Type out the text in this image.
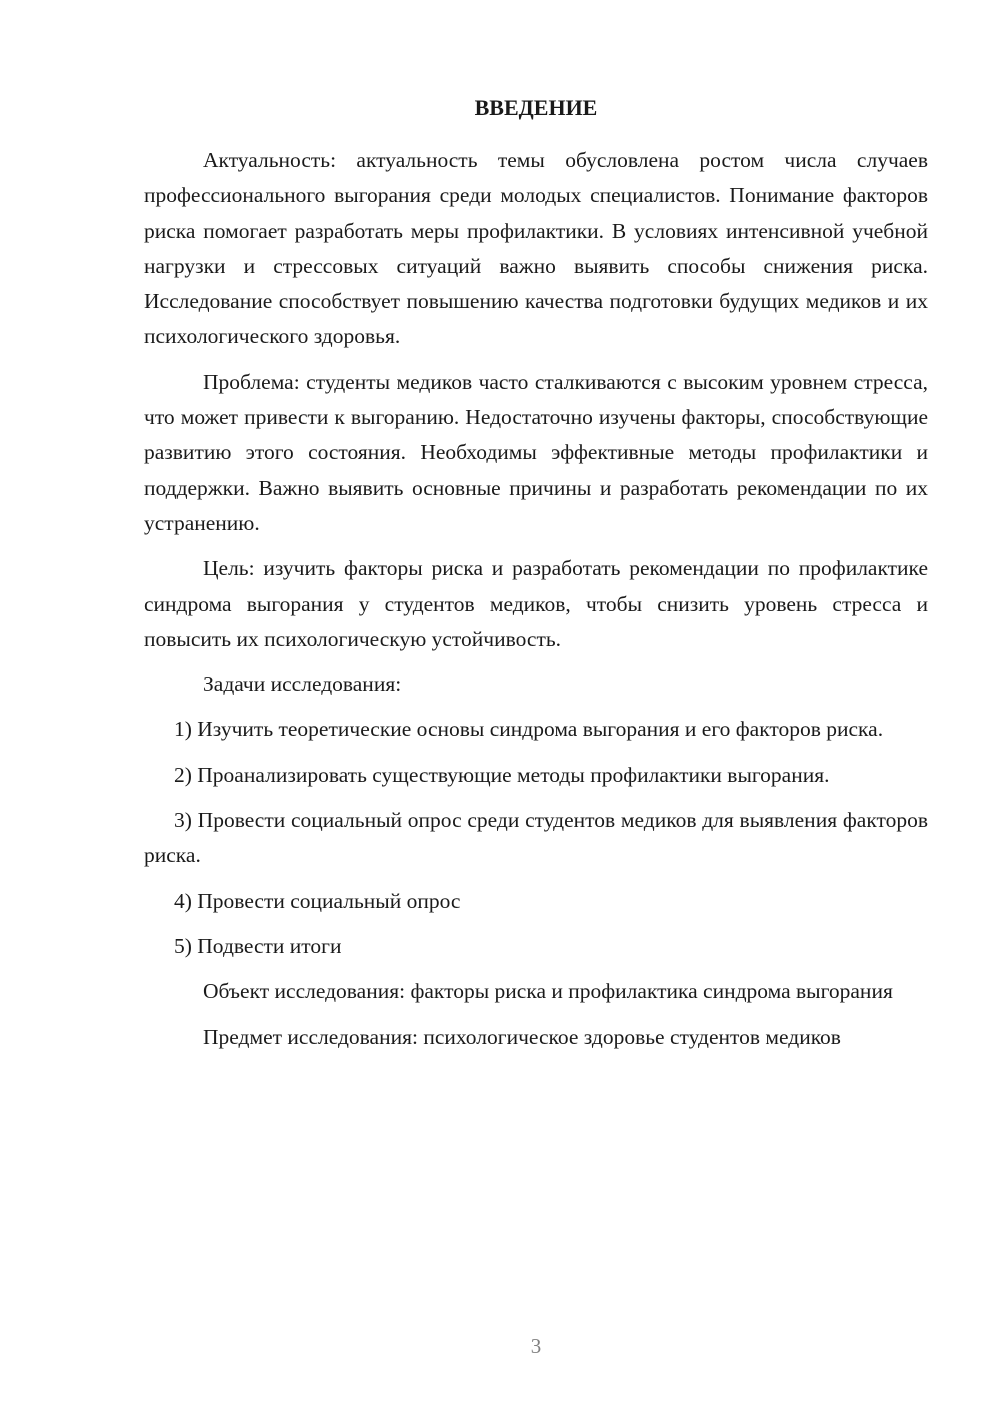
ВВЕДЕНИЕ

Актуальность: актуальность темы обусловлена ростом числа случаев профессионального выгорания среди молодых специалистов. Понимание факторов риска помогает разработать меры профилактики. В условиях интенсивной учебной нагрузки и стрессовых ситуаций важно выявить способы снижения риска. Исследование способствует повышению качества подготовки будущих медиков и их психологического здоровья.

Проблема: студенты медиков часто сталкиваются с высоким уровнем стресса, что может привести к выгоранию. Недостаточно изучены факторы, способствующие развитию этого состояния. Необходимы эффективные методы профилактики и поддержки. Важно выявить основные причины и разработать рекомендации по их устранению.

Цель: изучить факторы риска и разработать рекомендации по профилактике синдрома выгорания у студентов медиков, чтобы снизить уровень стресса и повысить их психологическую устойчивость.

Задачи исследования:

1) Изучить теоретические основы синдрома выгорания и его факторов риска.

2) Проанализировать существующие методы профилактики выгорания.

3) Провести социальный опрос среди студентов медиков для выявления факторов риска.

4) Провести социальный опрос

5) Подвести итоги

Объект исследования: факторы риска и профилактика синдрома выгорания

Предмет исследования: психологическое здоровье студентов медиков

3
